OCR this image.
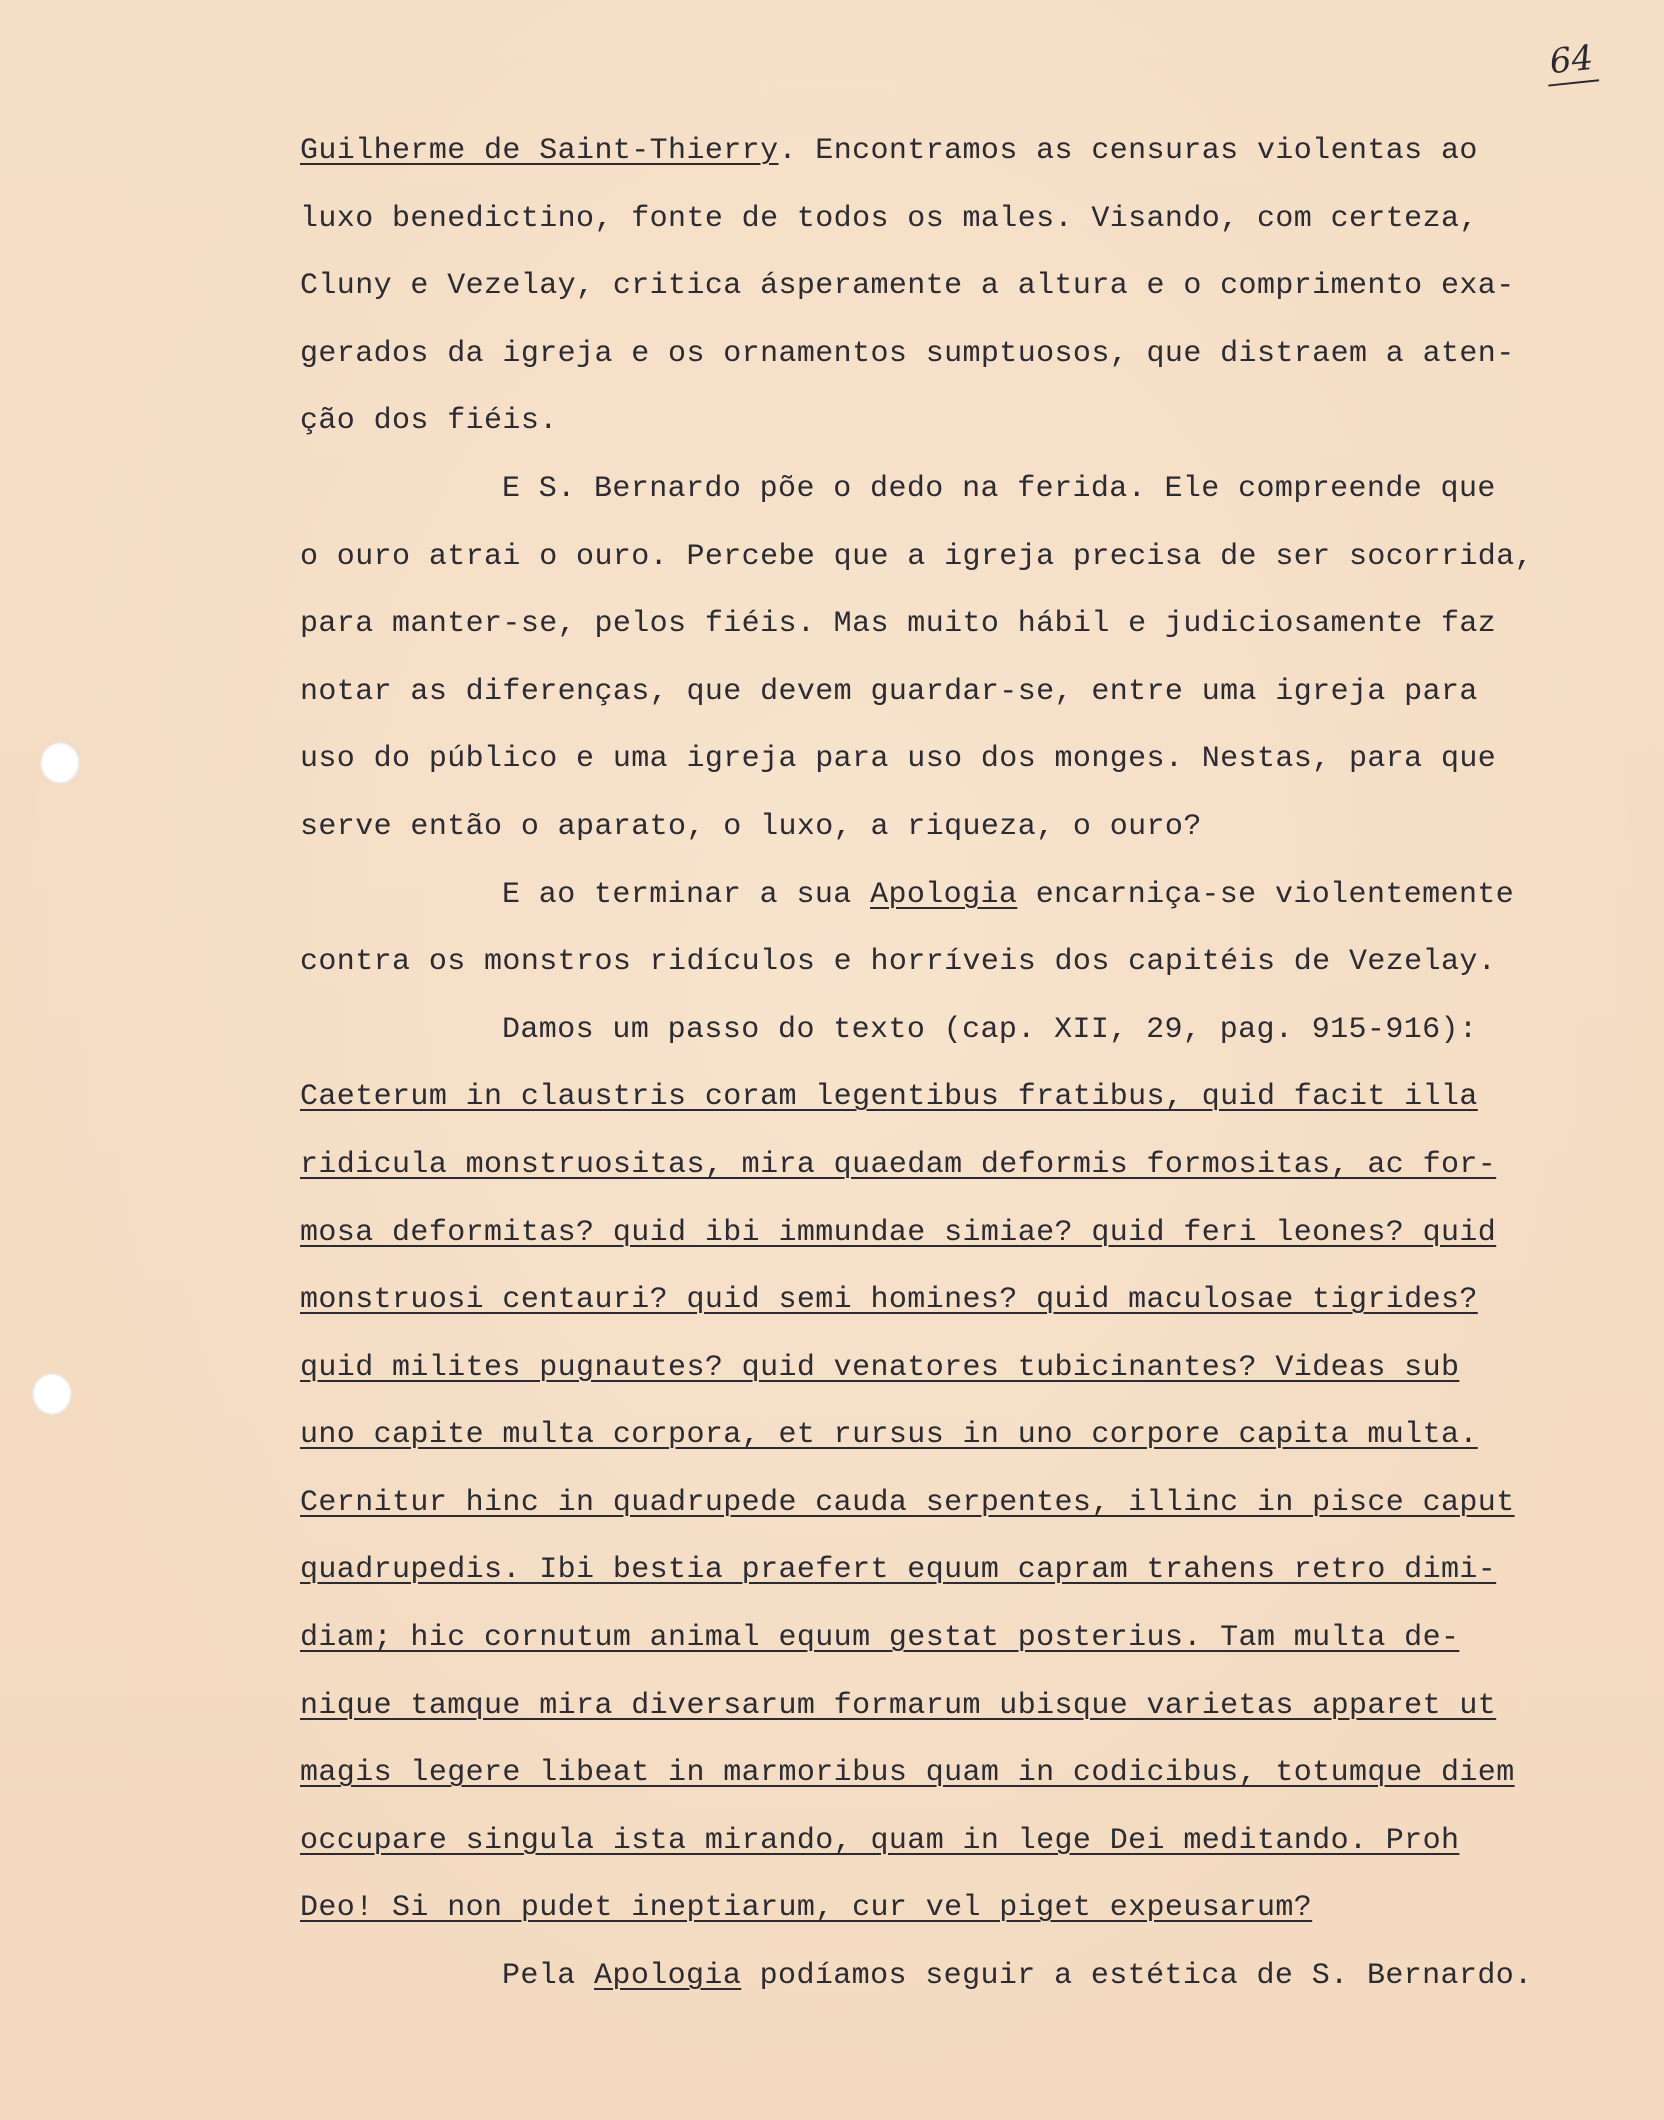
64
Guilherme de Saint-Thierry. Encontramos as censuras violentas ao
luxo benedictino, fonte de todos os males. Visando, com certeza,
Cluny e Vezelay, critica ásperamente a altura e o comprimento exa-
gerados da igreja e os ornamentos sumptuosos, que distraem a aten-
ção dos fiéis.
E S. Bernardo põe o dedo na ferida. Ele compreende que
o ouro atrai o ouro. Percebe que a igreja precisa de ser socorrida,
para manter-se, pelos fiéis. Mas muito hábil e judiciosamente faz
notar as diferenças, que devem guardar-se, entre uma igreja para
uso do público e uma igreja para uso dos monges. Nestas, para que
serve então o aparato, o luxo, a riqueza, o ouro?
E ao terminar a sua Apologia encarniça-se violentemente
contra os monstros ridículos e horríveis dos capitéis de Vezelay.
Damos um passo do texto (cap. XII, 29, pag. 915-916):
Caeterum in claustris coram legentibus fratibus, quid facit illa
ridicula monstruositas, mira quaedam deformis formositas, ac for-
mosa deformitas? quid ibi immundae simiae? quid feri leones? quid
monstruosi centauri? quid semi homines? quid maculosae tigrides?
quid milites pugnautes? quid venatores tubicinantes? Videas sub
uno capite multa corpora, et rursus in uno corpore capita multa.
Cernitur hinc in quadrupede cauda serpentes, illinc in pisce caput
quadrupedis. Ibi bestia praefert equum capram trahens retro dimi-
diam; hic cornutum animal equum gestat posterius. Tam multa de-
nique tamque mira diversarum formarum ubisque varietas apparet ut
magis legere libeat in marmoribus quam in codicibus, totumque diem
occupare singula ista mirando, quam in lege Dei meditando. Proh
Deo! Si non pudet ineptiarum, cur vel piget expeusarum?
Pela Apologia podíamos seguir a estética de S. Bernardo.
